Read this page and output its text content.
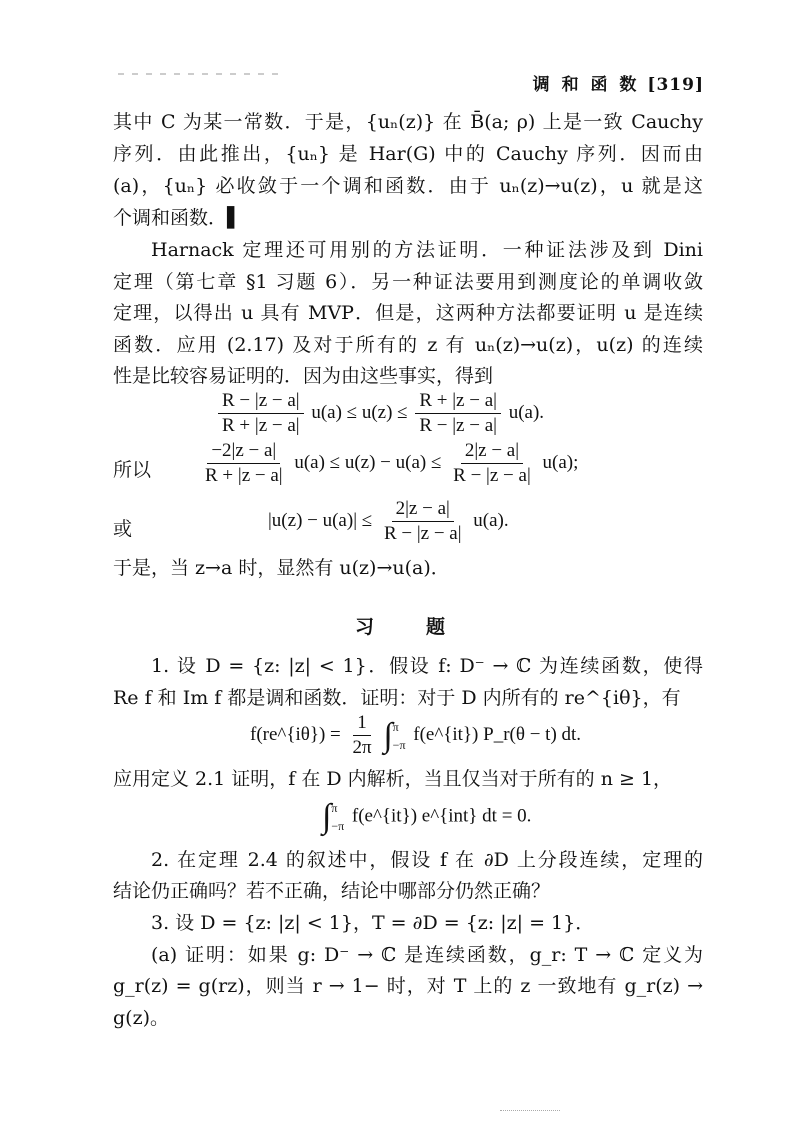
调 和 函 数 [319]
其中 C 为某一常数．于是，{uₙ(z)} 在 B̄(a; ρ) 上是一致 Cauchy
序列．由此推出，{uₙ} 是 Har(G) 中的 Cauchy 序列．因而由
(a)，{uₙ} 必收敛于一个调和函数．由于 uₙ(z)→u(z)，u 就是这
个调和函数．▌
Harnack 定理还可用别的方法证明．一种证法涉及到 Dini
定理（第七章 §1 习题 6）．另一种证法要用到测度论的单调收敛
定理，以得出 u 具有 MVP．但是，这两种方法都要证明 u 是连续
函数．应用 (2.17) 及对于所有的 z 有 uₙ(z)→u(z)，u(z) 的连续
性是比较容易证明的．因为由这些事实，得到
$\frac{R - |z - a|}{R + |z - a|} u(a) \le u(z) \le \frac{R + |z - a|}{R - |z - a|} u(a)$.
所以	$\frac{-2|z - a|}{R + |z - a|} u(a) \le u(z) - u(a) \le \frac{2|z - a|}{R - |z - a|} u(a)$;
或	$|u(z) - u(a)| \le \frac{2|z - a|}{R - |z - a|} u(a)$.
于是，当 z→a 时，显然有 u(z)→u(a)．
习	题
1. 设 D = {z: |z| < 1}．假设 f: D⁻ → ℂ 为连续函数，使得
Re f 和 Im f 都是调和函数．证明：对于 D 内所有的 re^{iθ}，有
f(re^{iθ}) = $\frac{1}{2\pi}$
∫ π
−π f(e^{it}) P_r(θ − t) dt.
应用定义 2.1 证明，f 在 D 内解析，当且仅当对于所有的 n ≥ 1，
∫ π
−π f(e^{it}) e^{int} dt = 0.
2. 在定理 2.4 的叙述中，假设 f 在 ∂D 上分段连续，定理的
结论仍正确吗？若不正确，结论中哪部分仍然正确？
3. 设 D = {z: |z| < 1}，T = ∂D = {z: |z| = 1}．
(a) 证明：如果 g: D⁻ → ℂ 是连续函数，g_r: T → ℂ 定义为
g_r(z) = g(rz)，则当 r → 1− 时，对 T 上的 z 一致地有 g_r(z) →
g(z)。
